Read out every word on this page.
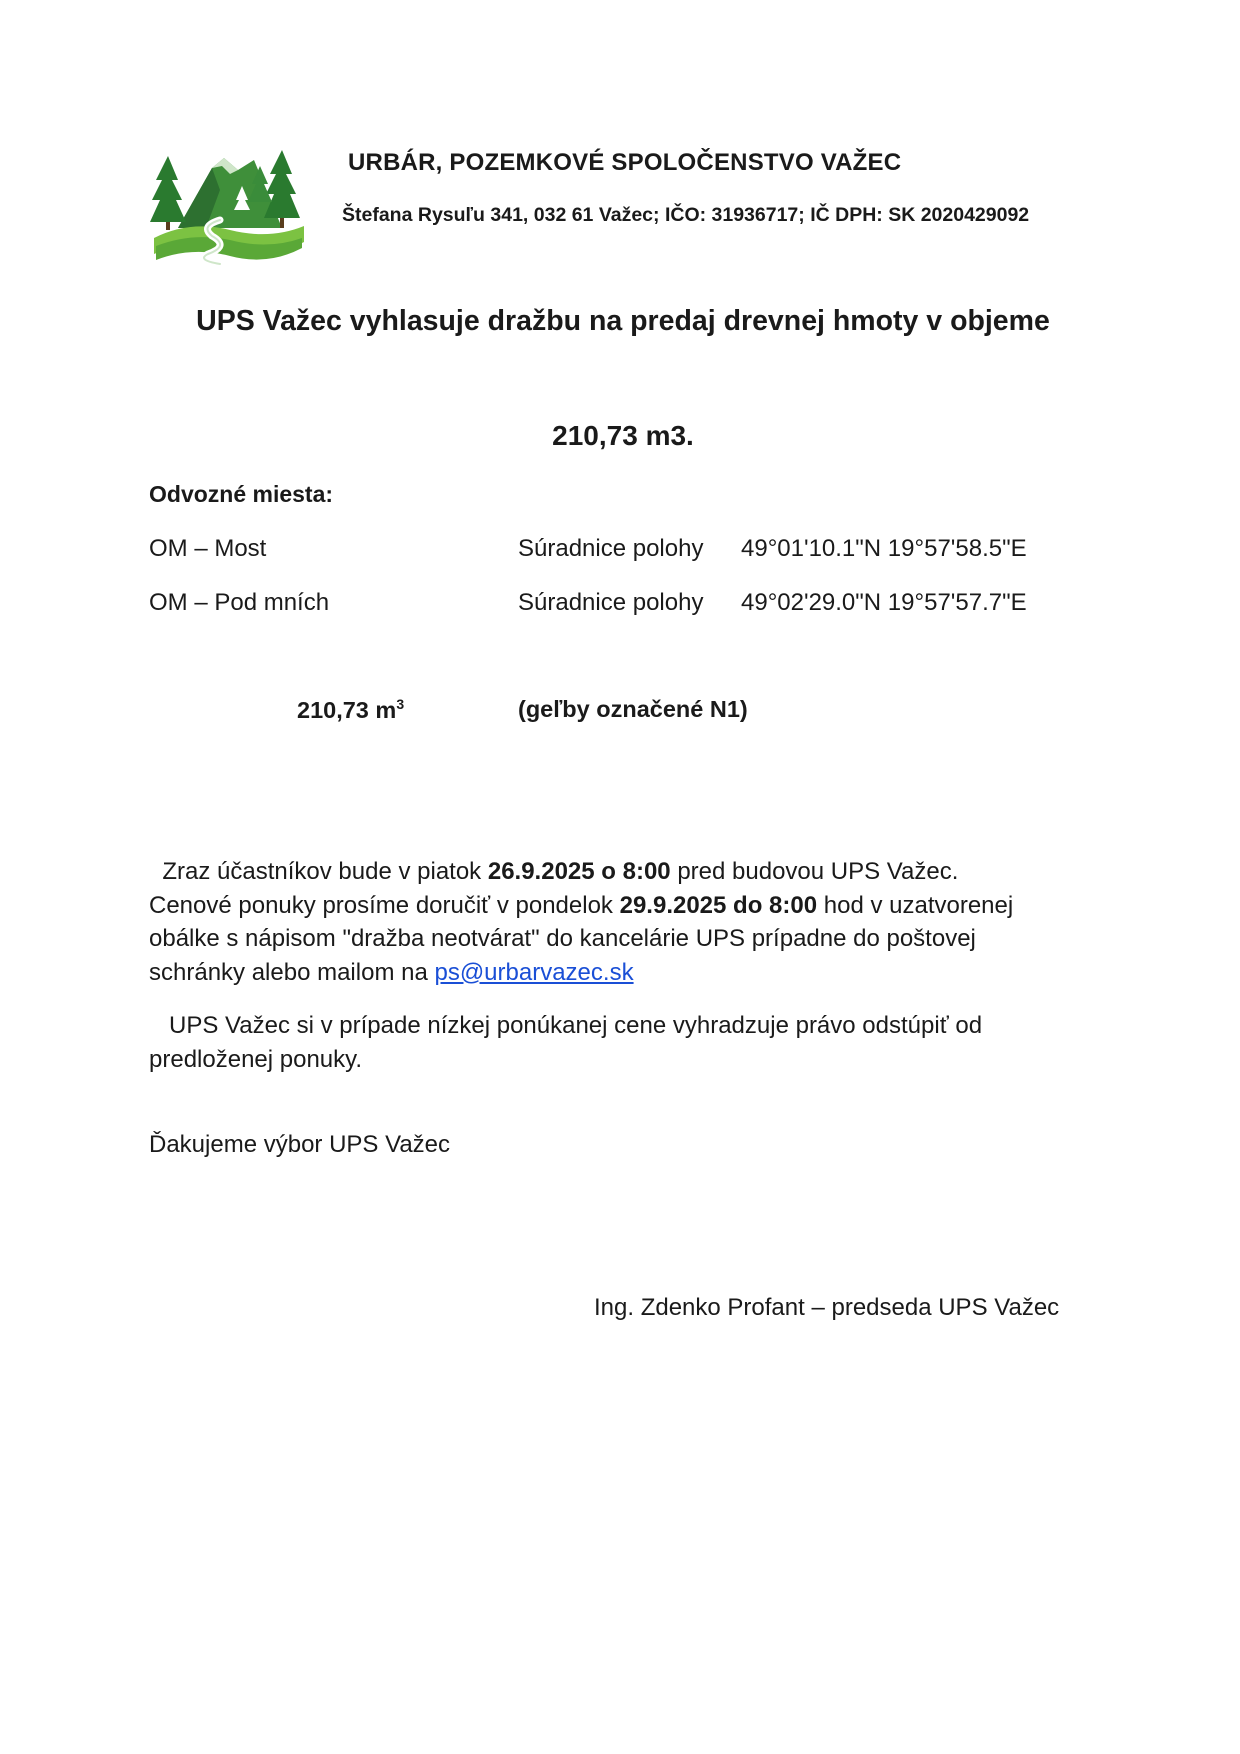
URBÁR, POZEMKOVÉ SPOLOČENSTVO VAŽEC
Štefana Rysuľu 341, 032 61 Važec; IČO: 31936717; IČ DPH: SK 2020429092
UPS Važec vyhlasuje dražbu na predaj drevnej hmoty v objeme
210,73 m3.
Odvozné miesta:
OM – Most	Súradnice polohy 49°01'10.1"N 19°57'58.5"E
OM – Pod mních	Súradnice polohy 49°02'29.0"N 19°57'57.7"E
210,73 $m^3$	(geľby označené N1)

Zraz účastníkov bude v piatok 26.9.2025 o 8:00 pred budovou UPS Važec.

Cenové ponuky prosíme doručiť v pondelok 29.9.2025 do 8:00 hod v uzatvorenej

obálke s nápisom "dražba neotvárat" do kancelárie UPS prípadne do poštovej

schránky alebo mailom na ps@urbarvazec.sk

UPS Važec si v prípade nízkej ponúkanej cene vyhradzuje právo odstúpiť od

predloženej ponuky.

Ďakujeme výbor UPS Važec
Ing. Zdenko Profant – predseda UPS Važec
